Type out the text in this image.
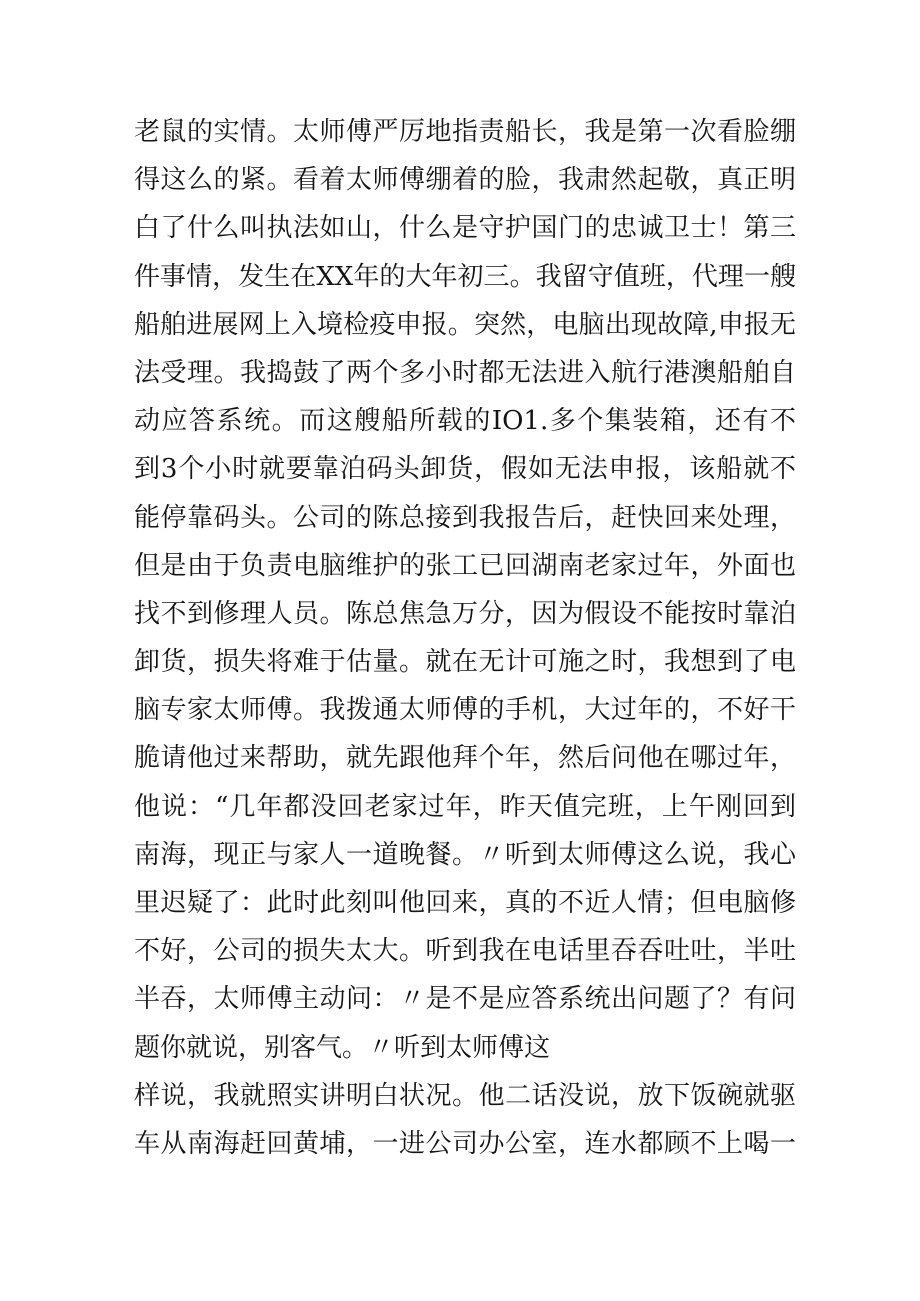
老鼠的实情。太师傅严厉地指责船长，我是第一次看脸绷
得这么的紧。看着太师傅绷着的脸，我肃然起敬，真正明
白了什么叫执法如山，什么是守护国门的忠诚卫士！第三
件事情，发生在XX年的大年初三。我留守值班，代理一艘
船舶进展网上入境检疫申报。突然，电脑出现故障,申报无
法受理。我捣鼓了两个多小时都无法进入航行港澳船舶自
动应答系统。而这艘船所载的IO1.多个集装箱，还有不
到3个小时就要靠泊码头卸货，假如无法申报，该船就不
能停靠码头。公司的陈总接到我报告后，赶快回来处理，
但是由于负责电脑维护的张工已回湖南老家过年，外面也
找不到修理人员。陈总焦急万分，因为假设不能按时靠泊
卸货，损失将难于估量。就在无计可施之时，我想到了电
脑专家太师傅。我拨通太师傅的手机，大过年的，不好干
脆请他过来帮助，就先跟他拜个年，然后问他在哪过年，
他说：“几年都没回老家过年，昨天值完班，上午刚回到
南海，现正与家人一道晚餐。〃听到太师傅这么说，我心
里迟疑了：此时此刻叫他回来，真的不近人情；但电脑修
不好，公司的损失太大。听到我在电话里吞吞吐吐，半吐
半吞，太师傅主动问：〃是不是应答系统出问题了？有问
题你就说，别客气。〃听到太师傅这
样说，我就照实讲明白状况。他二话没说，放下饭碗就驱
车从南海赶回黄埔，一进公司办公室，连水都顾不上喝一
